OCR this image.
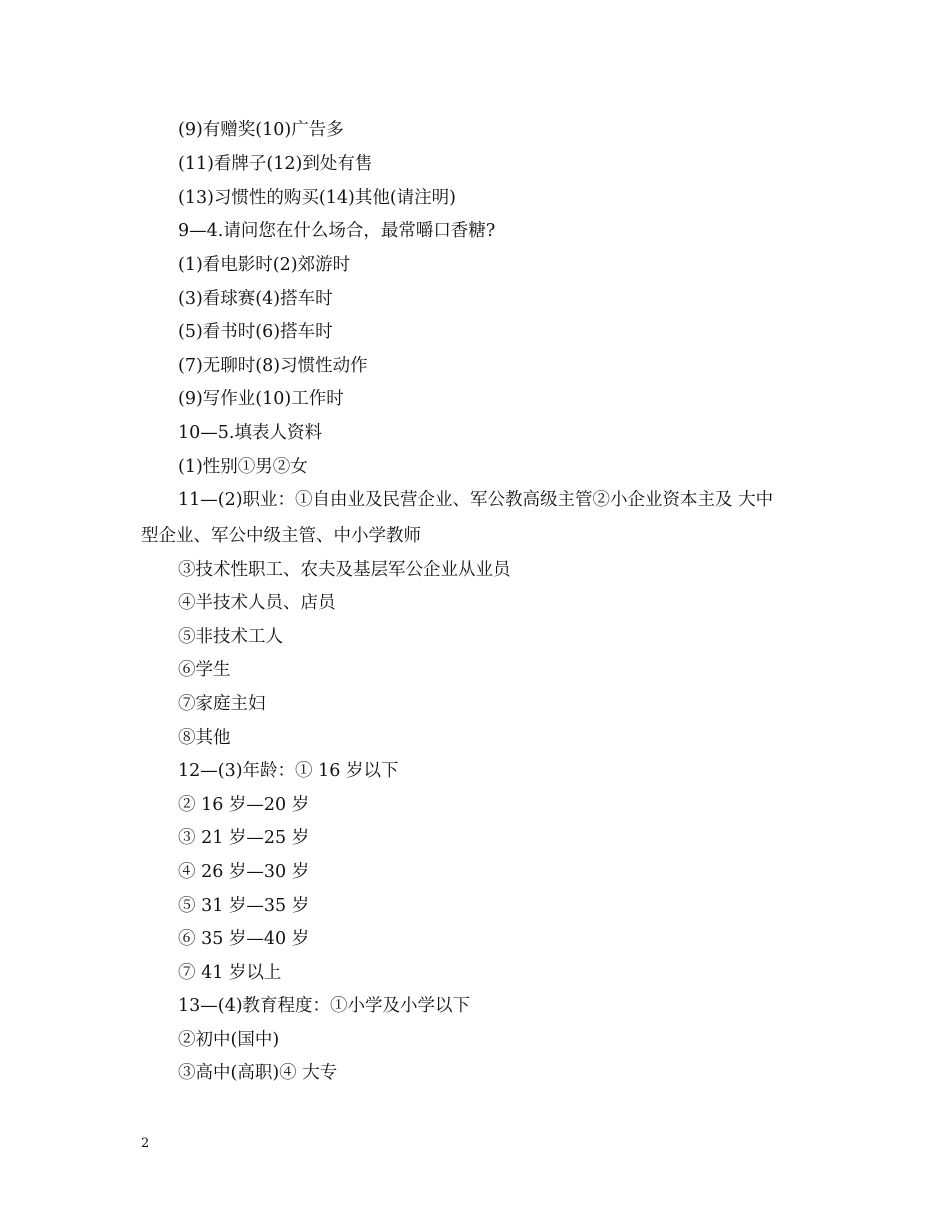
(9)有赠奖(10)广告多
(11)看牌子(12)到处有售
(13)习惯性的购买(14)其他(请注明)
9—4.请问您在什么场合，最常嚼口香糖?
(1)看电影时(2)郊游时
(3)看球赛(4)搭车时
(5)看书时(6)搭车时
(7)无聊时(8)习惯性动作
(9)写作业(10)工作时
10—5.填表人资料
(1)性别①男②女
11—(2)职业：①自由业及民营企业、军公教高级主管②小企业资本主及 大中
型企业、军公中级主管、中小学教师
③技术性职工、农夫及基层军公企业从业员
④半技术人员、店员
⑤非技术工人
⑥学生
⑦家庭主妇
⑧其他
12—(3)年龄：① 16 岁以下
② 16 岁—20 岁
③ 21 岁—25 岁
④ 26 岁—30 岁
⑤ 31 岁—35 岁
⑥ 35 岁—40 岁
⑦ 41 岁以上
13—(4)教育程度：①小学及小学以下
②初中(国中)
③高中(高职)④ 大专
2
